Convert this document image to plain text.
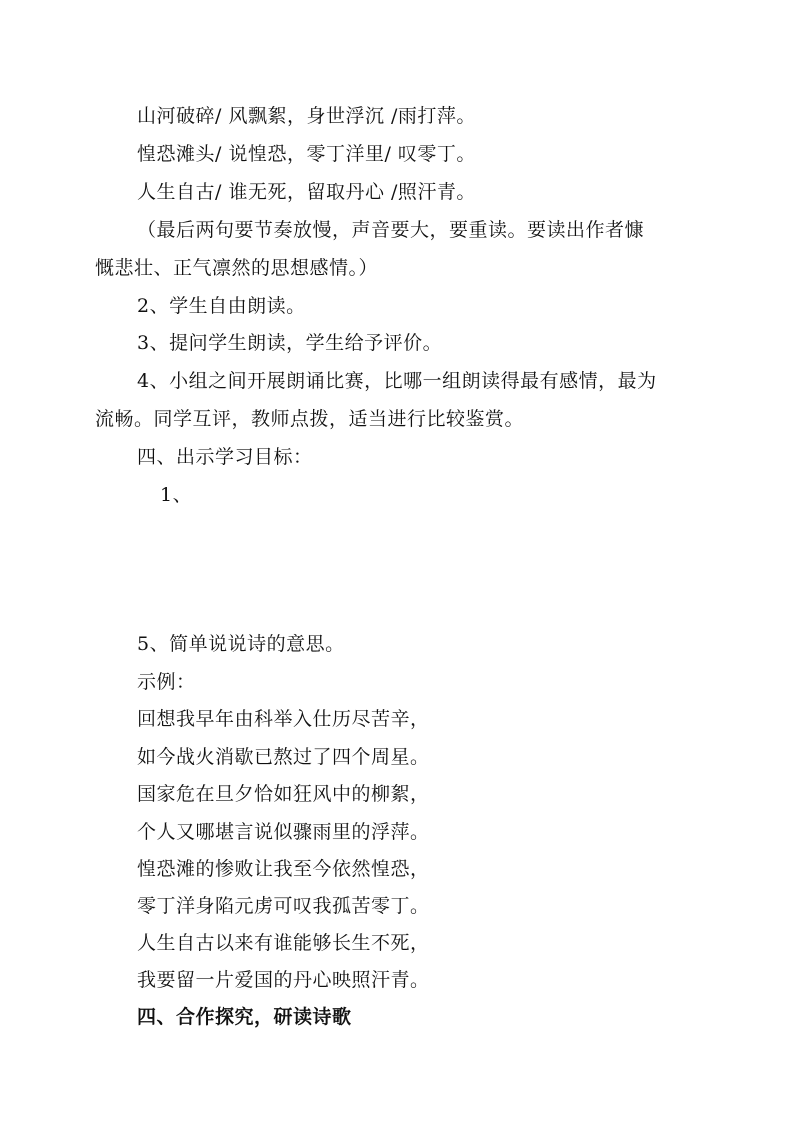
山河破碎/ 风飘絮，身世浮沉 /雨打萍。
惶恐滩头/ 说惶恐，零丁洋里/ 叹零丁。
人生自古/ 谁无死，留取丹心 /照汗青。
（最后两句要节奏放慢，声音要大，要重读。要读出作者慷
慨悲壮、正气凛然的思想感情。）
2、学生自由朗读。
3、提问学生朗读，学生给予评价。
4、小组之间开展朗诵比赛，比哪一组朗读得最有感情，最为
流畅。同学互评，教师点拨，适当进行比较鉴赏。
四、出示学习目标：
1、
5、简单说说诗的意思。
示例：
回想我早年由科举入仕历尽苦辛，
如今战火消歇已熬过了四个周星。
国家危在旦夕恰如狂风中的柳絮，
个人又哪堪言说似骤雨里的浮萍。
惶恐滩的惨败让我至今依然惶恐，
零丁洋身陷元虏可叹我孤苦零丁。
人生自古以来有谁能够长生不死，
我要留一片爱国的丹心映照汗青。
四、合作探究，研读诗歌
